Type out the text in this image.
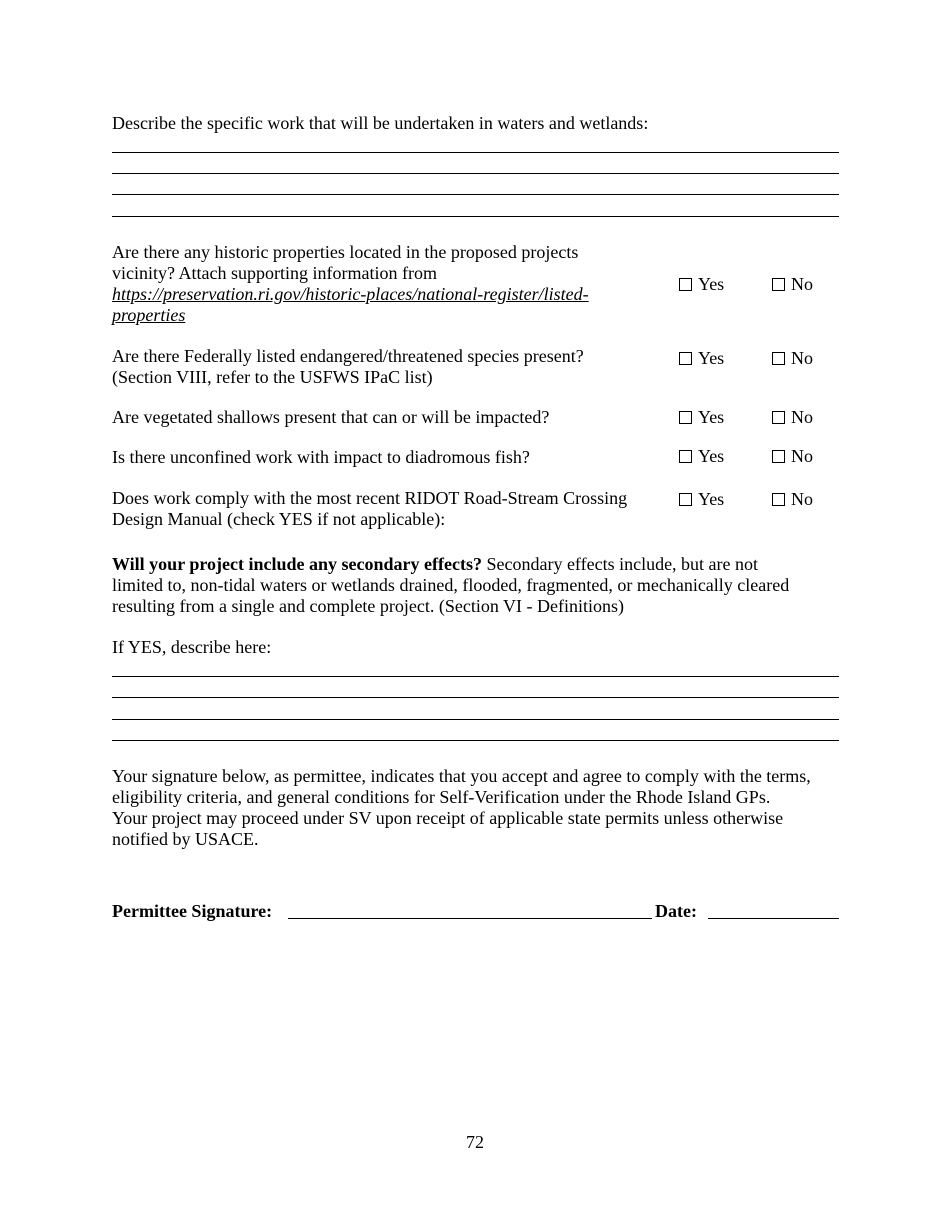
Describe the specific work that will be undertaken in waters and wetlands:
Are there any historic properties located in the proposed projects
vicinity? Attach supporting information from
https://preservation.ri.gov/historic-places/national-register/listed-
properties
Yes	No
Are there Federally listed endangered/threatened species present?
(Section VIII, refer to the USFWS IPaC list)
Yes	No
Are vegetated shallows present that can or will be impacted?	Yes	No
Is there unconfined work with impact to diadromous fish?	Yes	No
Does work comply with the most recent RIDOT Road-Stream Crossing
Design Manual (check YES if not applicable):
Yes	No
Will your project include any secondary effects? Secondary effects include, but are not
limited to, non-tidal waters or wetlands drained, flooded, fragmented, or mechanically cleared
resulting from a single and complete project. (Section VI - Definitions)
If YES, describe here:
Your signature below, as permittee, indicates that you accept and agree to comply with the terms,
eligibility criteria, and general conditions for Self-Verification under the Rhode Island GPs.
Your project may proceed under SV upon receipt of applicable state permits unless otherwise
notified by USACE.
Permittee Signature:	Date:
72
